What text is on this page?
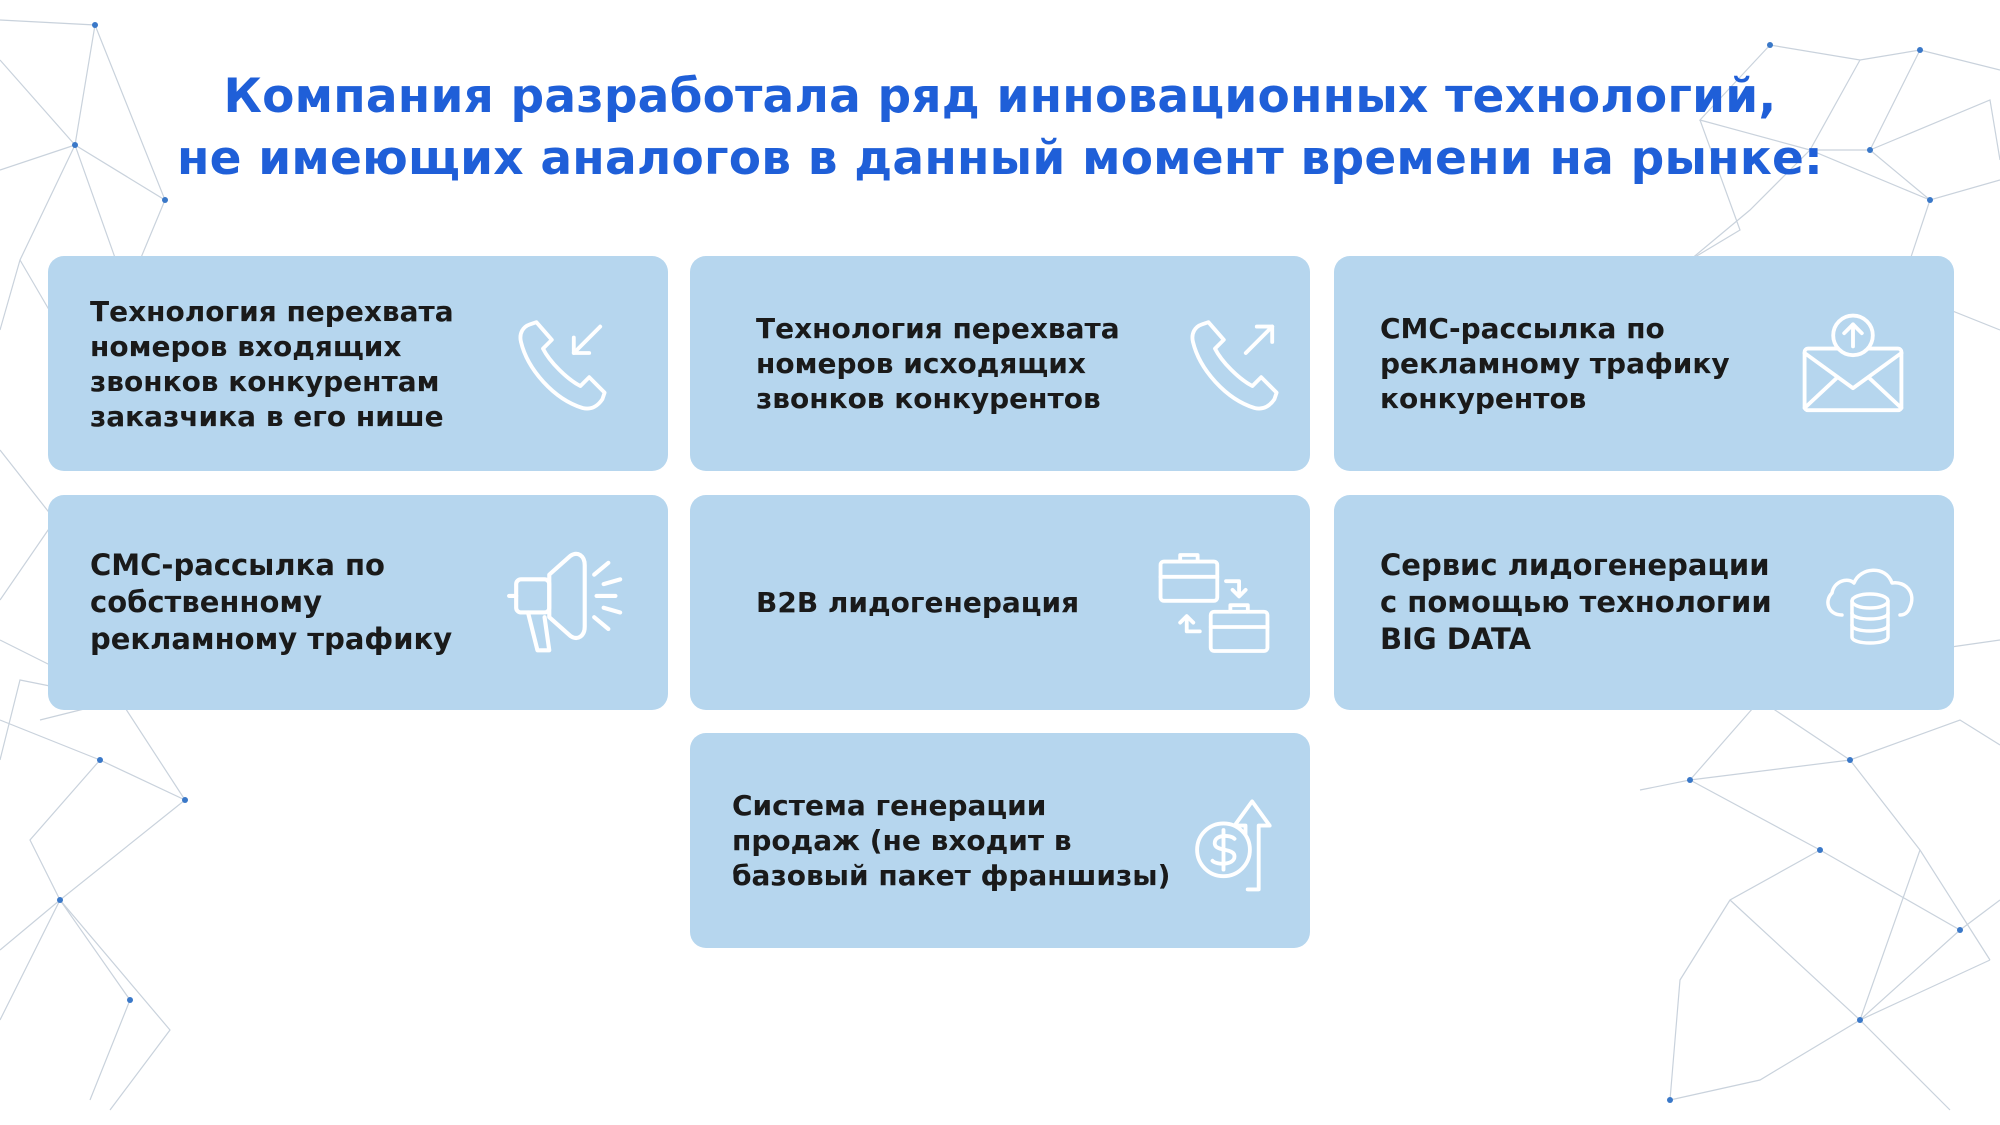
Компания разработала ряд инновационных технологий,
не имеющих аналогов в данный момент времени на рынке:
Технология перехвата
номеров входящих
звонков конкурентам
заказчика в его нише
Технология перехвата
номеров исходящих
звонков конкурентов
СМС-рассылка по
рекламному трафику
конкурентов
СМС-рассылка по
собственному
рекламному трафику
B2B лидогенерация
Сервис лидогенерации
с помощью технологии
BIG DATA
Система генерации
продаж (не входит в
базовый пакет франшизы)
